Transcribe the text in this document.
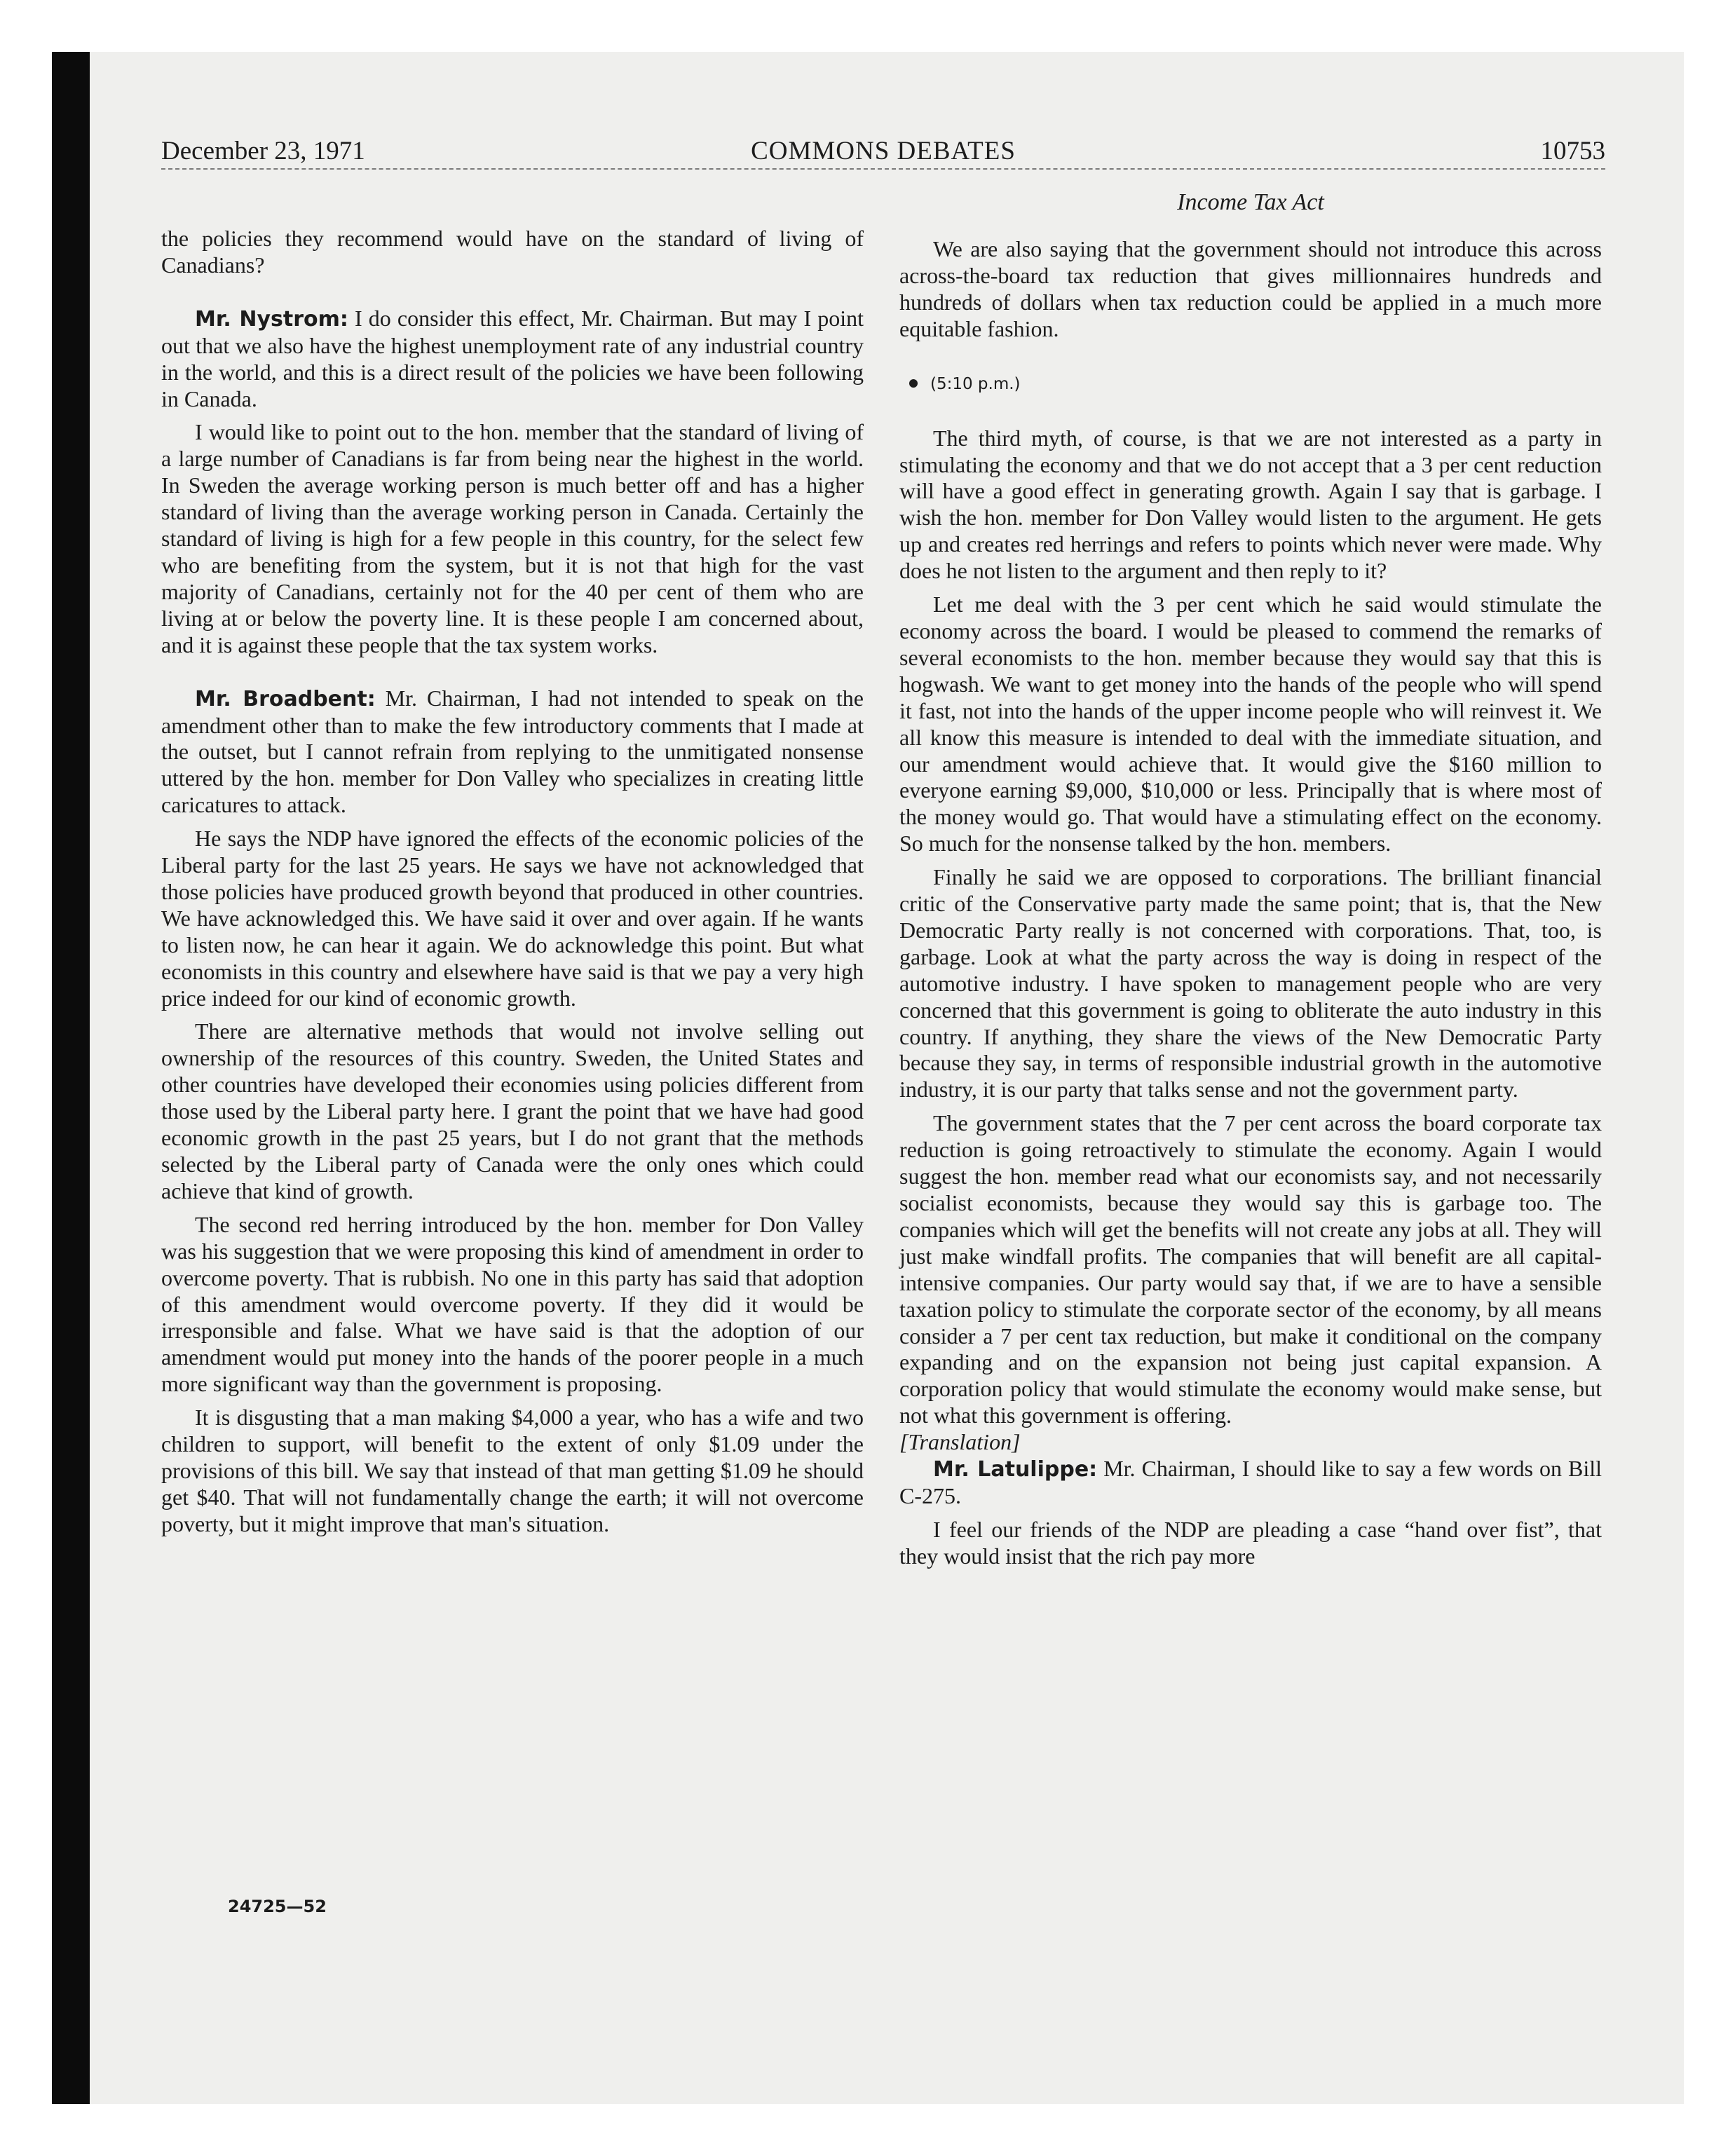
December 23, 1971	COMMONS DEBATES	10753
Income Tax Act

the policies they recommend would have on the standard of living of Canadians?

Mr. Nystrom: I do consider this effect, Mr. Chairman. But may I point out that we also have the highest unemployment rate of any industrial country in the world, and this is a direct result of the policies we have been following in Canada.

I would like to point out to the hon. member that the standard of living of a large number of Canadians is far from being near the highest in the world. In Sweden the average working person is much better off and has a higher standard of living than the average working person in Canada. Certainly the standard of living is high for a few people in this country, for the select few who are benefiting from the system, but it is not that high for the vast majority of Canadians, certainly not for the 40 per cent of them who are living at or below the poverty line. It is these people I am concerned about, and it is against these people that the tax system works.

Mr. Broadbent: Mr. Chairman, I had not intended to speak on the amendment other than to make the few introductory comments that I made at the outset, but I cannot refrain from replying to the unmitigated nonsense uttered by the hon. member for Don Valley who specializes in creating little caricatures to attack.

He says the NDP have ignored the effects of the economic policies of the Liberal party for the last 25 years. He says we have not acknowledged that those policies have produced growth beyond that produced in other countries. We have acknowledged this. We have said it over and over again. If he wants to listen now, he can hear it again. We do acknowledge this point. But what economists in this country and elsewhere have said is that we pay a very high price indeed for our kind of economic growth.

There are alternative methods that would not involve selling out ownership of the resources of this country. Sweden, the United States and other countries have developed their economies using policies different from those used by the Liberal party here. I grant the point that we have had good economic growth in the past 25 years, but I do not grant that the methods selected by the Liberal party of Canada were the only ones which could achieve that kind of growth.

The second red herring introduced by the hon. member for Don Valley was his suggestion that we were proposing this kind of amendment in order to overcome poverty. That is rubbish. No one in this party has said that adoption of this amendment would overcome poverty. If they did it would be irresponsible and false. What we have said is that the adoption of our amendment would put money into the hands of the poorer people in a much more significant way than the government is proposing.

It is disgusting that a man making $4,000 a year, who has a wife and two children to support, will benefit to the extent of only $1.09 under the provisions of this bill. We say that instead of that man getting $1.09 he should get $40. That will not fundamentally change the earth; it will not overcome poverty, but it might improve that man's situation.

24725—52

We are also saying that the government should not introduce this across across-the-board tax reduction that gives millionnaires hundreds and hundreds of dollars when tax reduction could be applied in a much more equitable fashion.

(5:10 p.m.)

The third myth, of course, is that we are not interested as a party in stimulating the economy and that we do not accept that a 3 per cent reduction will have a good effect in generating growth. Again I say that is garbage. I wish the hon. member for Don Valley would listen to the argument. He gets up and creates red herrings and refers to points which never were made. Why does he not listen to the argument and then reply to it?

Let me deal with the 3 per cent which he said would stimulate the economy across the board. I would be pleased to commend the remarks of several economists to the hon. member because they would say that this is hogwash. We want to get money into the hands of the people who will spend it fast, not into the hands of the upper income people who will reinvest it. We all know this measure is intended to deal with the immediate situation, and our amendment would achieve that. It would give the $160 million to everyone earning $9,000, $10,000 or less. Principally that is where most of the money would go. That would have a stimulating effect on the economy. So much for the nonsense talked by the hon. members.

Finally he said we are opposed to corporations. The brilliant financial critic of the Conservative party made the same point; that is, that the New Democratic Party really is not concerned with corporations. That, too, is garbage. Look at what the party across the way is doing in respect of the automotive industry. I have spoken to management people who are very concerned that this government is going to obliterate the auto industry in this country. If anything, they share the views of the New Democratic Party because they say, in terms of responsible industrial growth in the automotive industry, it is our party that talks sense and not the government party.

The government states that the 7 per cent across the board corporate tax reduction is going retroactively to stimulate the economy. Again I would suggest the hon. member read what our economists say, and not necessarily socialist economists, because they would say this is garbage too. The companies which will get the benefits will not create any jobs at all. They will just make windfall profits. The companies that will benefit are all capital-intensive companies. Our party would say that, if we are to have a sensible taxation policy to stimulate the corporate sector of the economy, by all means consider a 7 per cent tax reduction, but make it conditional on the company expanding and on the expansion not being just capital expansion. A corporation policy that would stimulate the economy would make sense, but not what this government is offering.

[Translation]

Mr. Latulippe: Mr. Chairman, I should like to say a few words on Bill C-275.

I feel our friends of the NDP are pleading a case “hand over fist”, that they would insist that the rich pay more
